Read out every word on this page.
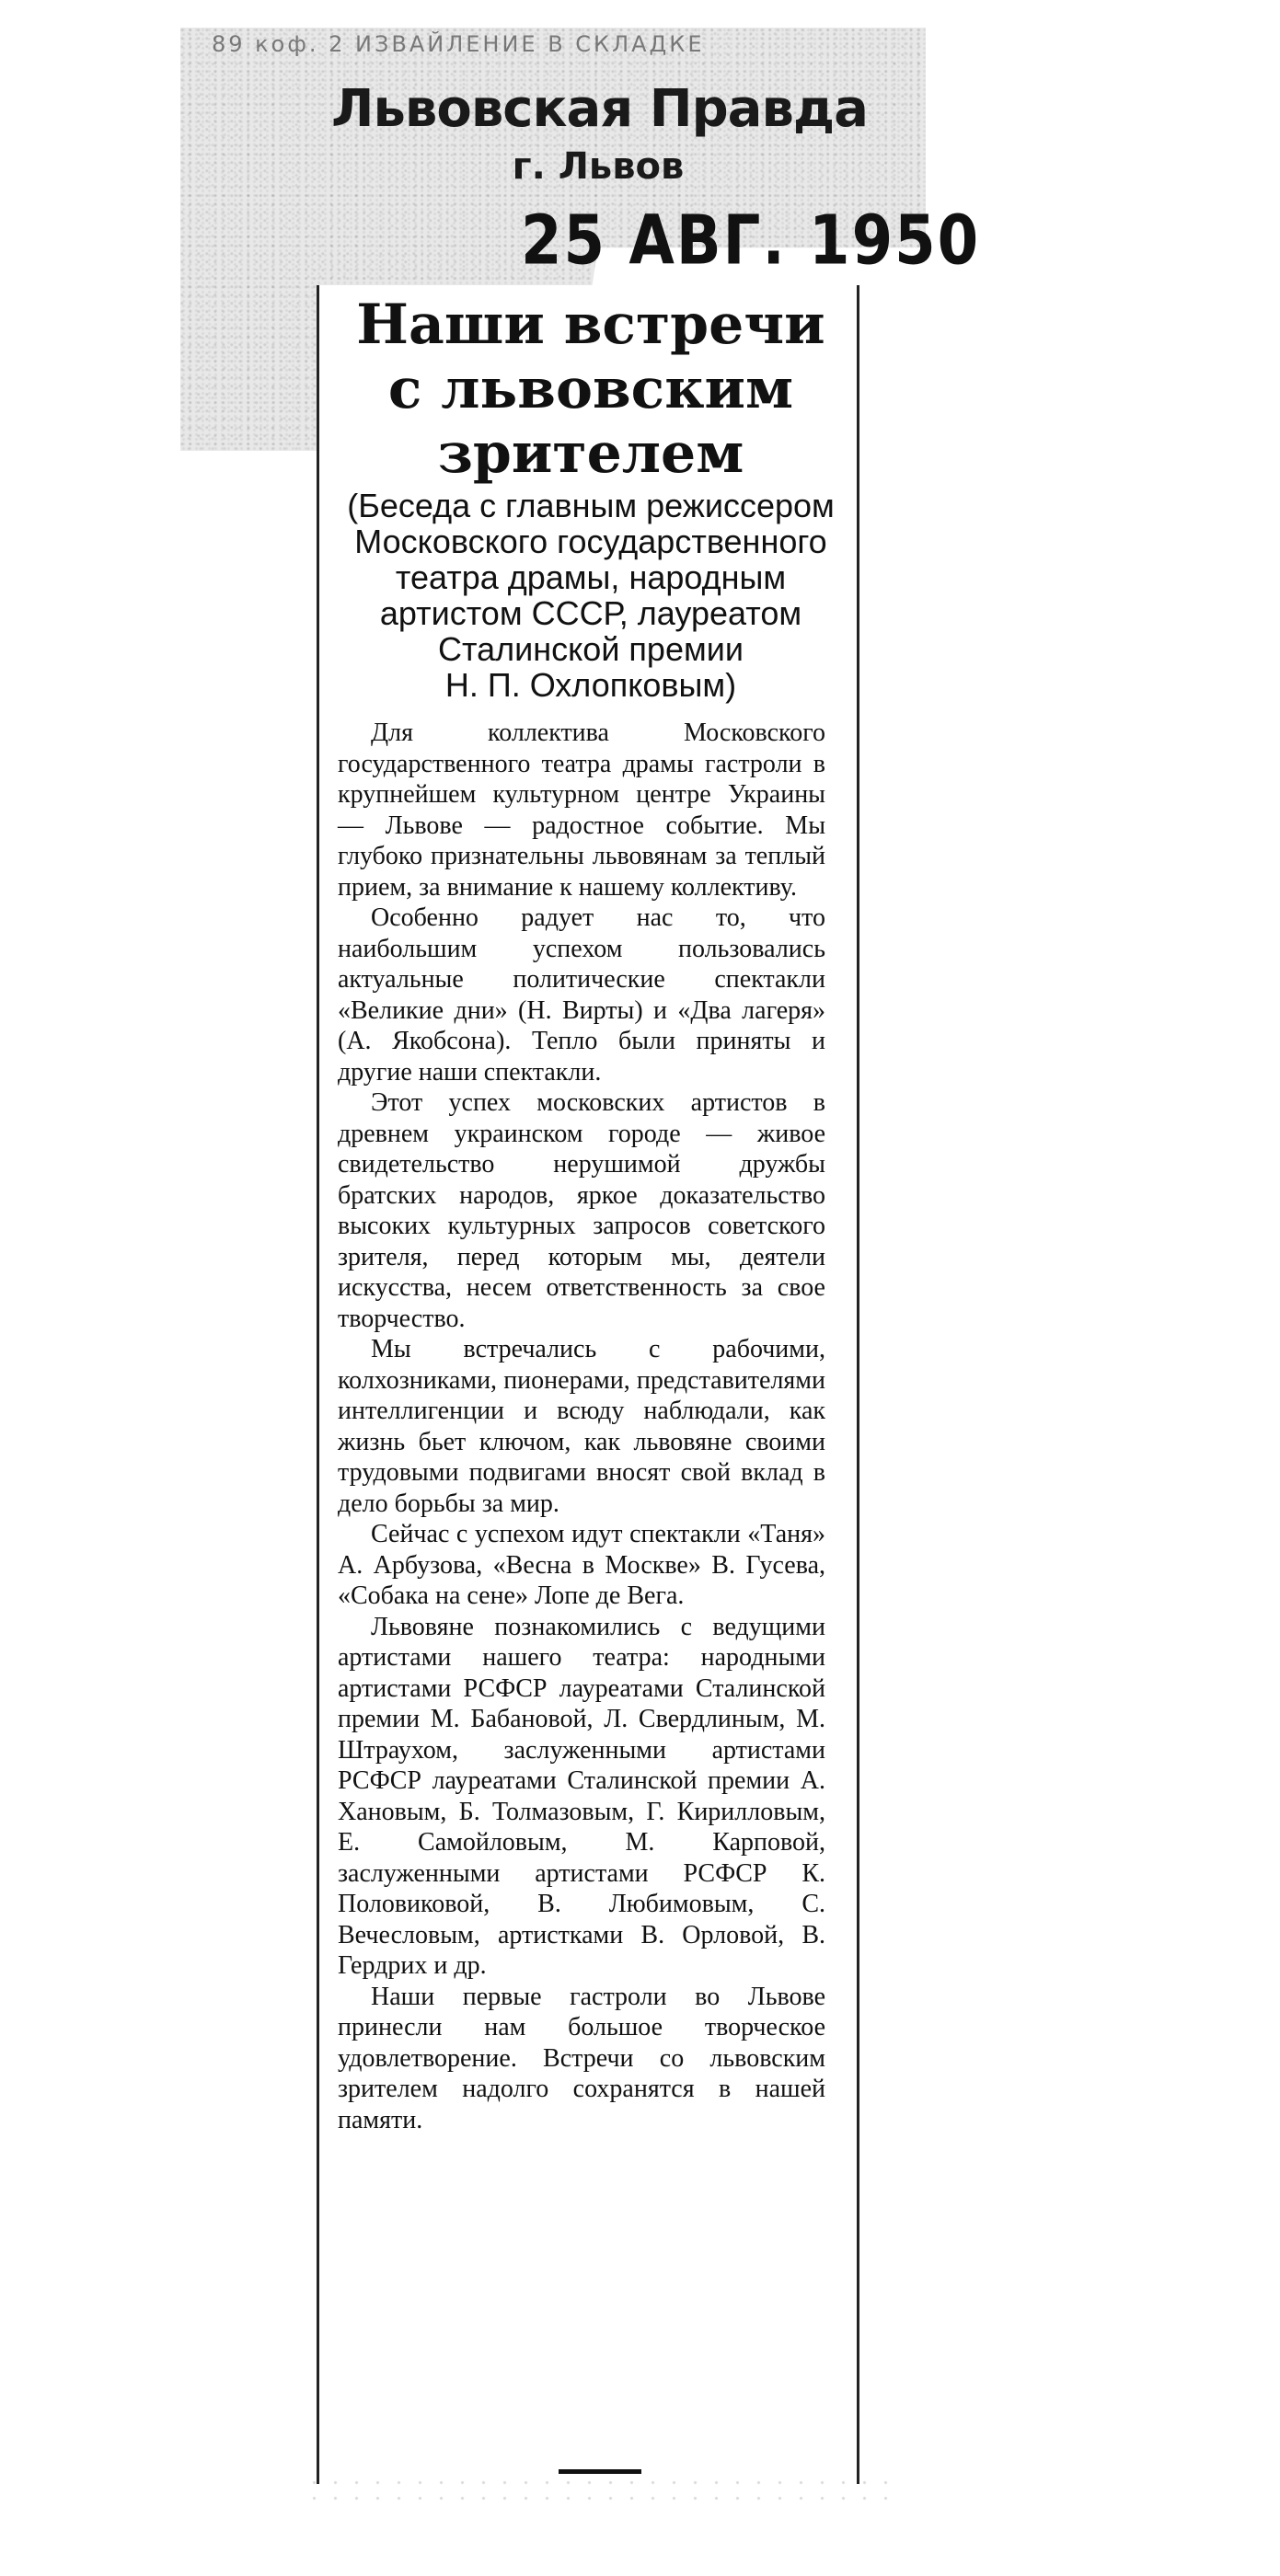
89 коф. 2 ИЗВАЙЛЕНИЕ В СКЛАДКЕ
Львовская Правда
г. Львов
25 АВГ. 1950
Наши встречи
с львовским
зрителем
(Беседа с главным режиссером
Московского государственного
театра драмы, народным
артистом СССР, лауреатом
Сталинской премии
Н. П. Охлопковым)

Для коллектива Московского государственного театра драмы гастроли в крупнейшем культурном центре Украины — Львове — радостное событие. Мы глубоко признательны львовянам за теплый прием, за внимание к нашему коллективу.

Особенно радует нас то, что наибольшим успехом пользовались актуальные политические спектакли «Великие дни» (Н. Вирты) и «Два лагеря» (А. Якобсона). Тепло были приняты и другие наши спектакли.

Этот успех московских артистов в древнем украинском городе — живое свидетельство нерушимой дружбы братских народов, яркое доказательство высоких культурных запросов советского зрителя, перед которым мы, деятели искусства, несем ответственность за свое творчество.

Мы встречались с рабочими, колхозниками, пионерами, представителями интеллигенции и всюду наблюдали, как жизнь бьет ключом, как львовяне своими трудовыми подвигами вносят свой вклад в дело борьбы за мир.

Сейчас с успехом идут спектакли «Таня» А. Арбузова, «Весна в Москве» В. Гусева, «Собака на сене» Лопе де Вега.

Львовяне познакомились с ведущими артистами нашего театра: народными артистами РСФСР лауреатами Сталинской премии М. Бабановой, Л. Свердлиным, М. Штраухом, заслуженными артистами РСФСР лауреатами Сталинской премии А. Хановым, Б. Толмазовым, Г. Кирилловым, Е. Самойловым, М. Карповой, заслуженными артистами РСФСР К. Половиковой, В. Любимовым, С. Вечесловым, артистками В. Орловой, В. Гердрих и др.

Наши первые гастроли во Львове принесли нам большое творческое удовлетворение. Встречи со львовским зрителем надолго сохранятся в нашей памяти.
